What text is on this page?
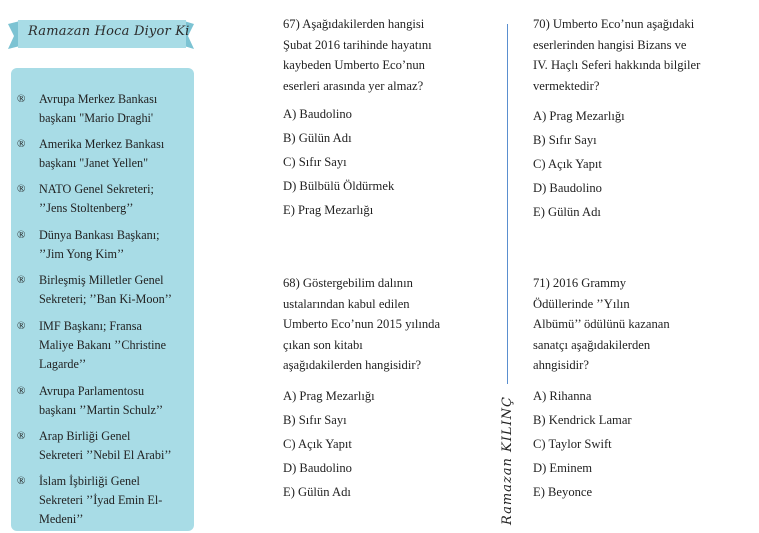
Ramazan Hoca Diyor Ki
® Avrupa Merkez Bankası
başkanı "Mario Draghi'
® Amerika Merkez Bankası
başkanı "Janet Yellen"
® NATO Genel Sekreteri;
’’Jens Stoltenberg’’
® Dünya Bankası Başkanı;
’’Jim Yong Kim’’
® Birleşmiş Milletler Genel
Sekreteri; ’’Ban Ki-Moon’’
® IMF Başkanı; Fransa
Maliye Bakanı ’’Christine
Lagarde’’
® Avrupa Parlamentosu
başkanı ’’Martin Schulz’’
® Arap Birliği Genel
Sekreteri ’’Nebil El Arabi’’
® İslam İşbirliği Genel
Sekreteri ’’İyad Emin El-
Medeni’’
67) Aşağıdakilerden hangisi
Şubat 2016 tarihinde hayatını
kaybeden Umberto Eco’nun
eserleri arasında yer almaz?
A) Baudolino
B) Gülün Adı
C) Sıfır Sayı
D) Bülbülü Öldürmek
E) Prag Mezarlığı
68) Göstergebilim dalının
ustalarından kabul edilen
Umberto Eco’nun 2015 yılında
çıkan son kitabı
aşağıdakilerden hangisidir?
A) Prag Mezarlığı
B) Sıfır Sayı
C) Açık Yapıt
D) Baudolino
E) Gülün Adı	Ramazan KILINÇ
70) Umberto Eco’nun aşağıdaki
eserlerinden hangisi Bizans ve
IV. Haçlı Seferi hakkında bilgiler
vermektedir?
A) Prag Mezarlığı
B) Sıfır Sayı
C) Açık Yapıt
D) Baudolino
E) Gülün Adı
71) 2016 Grammy
Ödüllerinde ’’Yılın
Albümü’’ ödülünü kazanan
sanatçı aşağıdakilerden
ahngisidir?
A) Rihanna
B) Kendrick Lamar
C) Taylor Swift
D) Eminem
E) Beyonce
